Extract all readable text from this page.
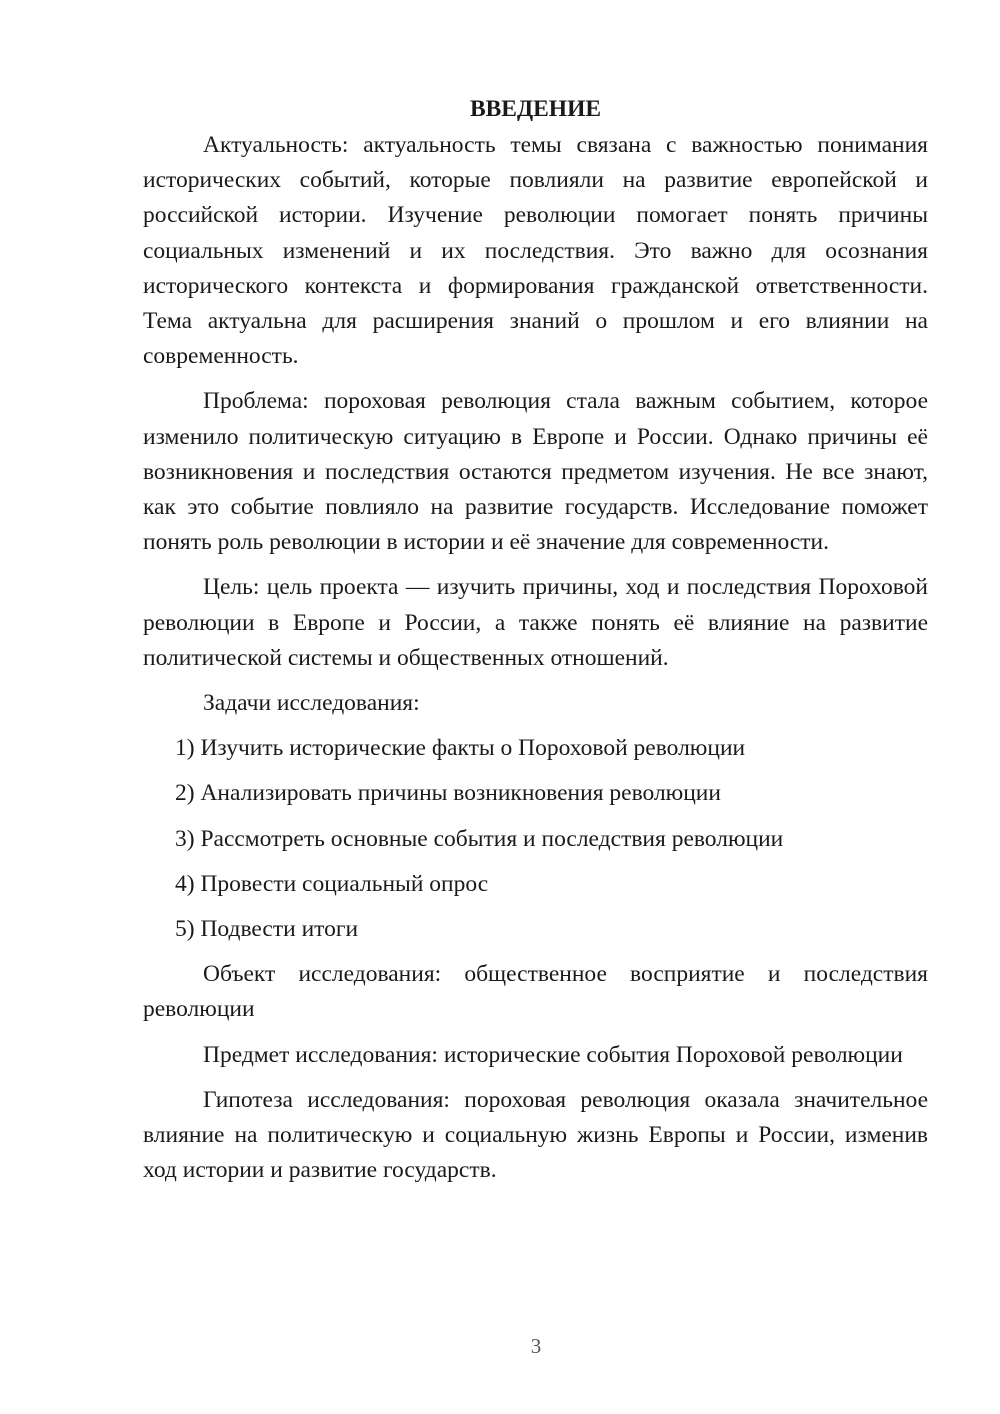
ВВЕДЕНИЕ

Актуальность: актуальность темы связана с важностью понимания исторических событий, которые повлияли на развитие европейской и российской истории. Изучение революции помогает понять причины социальных изменений и их последствия. Это важно для осознания исторического контекста и формирования гражданской ответственности. Тема актуальна для расширения знаний о прошлом и его влиянии на современность.

Проблема: пороховая революция стала важным событием, которое изменило политическую ситуацию в Европе и России. Однако причины её возникновения и последствия остаются предметом изучения. Не все знают, как это событие повлияло на развитие государств. Исследование поможет понять роль революции в истории и её значение для современности.

Цель: цель проекта — изучить причины, ход и последствия Пороховой революции в Европе и России, а также понять её влияние на развитие политической системы и общественных отношений.

Задачи исследования:

1) Изучить исторические факты о Пороховой революции
2) Анализировать причины возникновения революции
3) Рассмотреть основные события и последствия революции
4) Провести социальный опрос
5) Подвести итоги

Объект исследования: общественное восприятие и последствия революции

Предмет исследования: исторические события Пороховой революции

Гипотеза исследования: пороховая революция оказала значительное влияние на политическую и социальную жизнь Европы и России, изменив ход истории и развитие государств.

3
